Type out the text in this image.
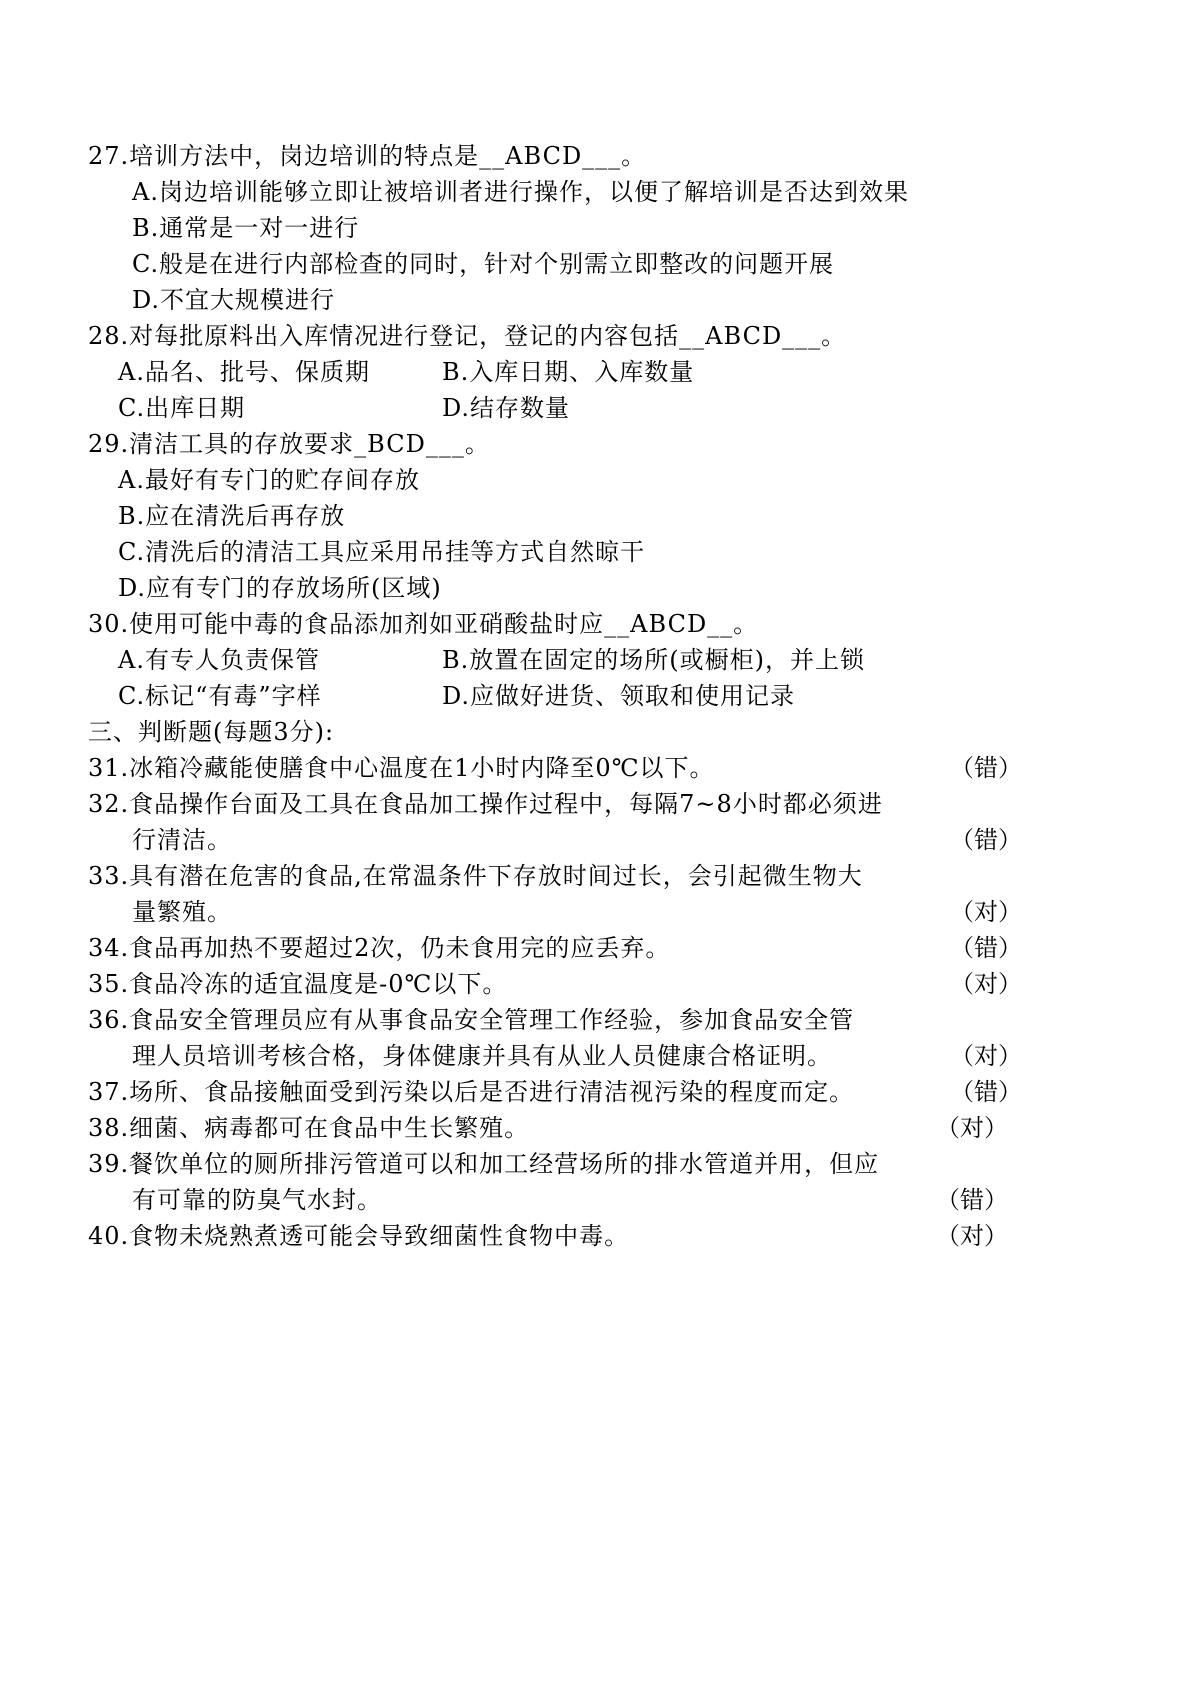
27.培训方法中，岗边培训的特点是__ABCD___。
A.岗边培训能够立即让被培训者进行操作，以便了解培训是否达到效果
B.通常是一对一进行
C.般是在进行内部检查的同时，针对个别需立即整改的问题开展
D.不宜大规模进行
28.对每批原料出入库情况进行登记，登记的内容包括__ABCD___。
A.品名、批号、保质期	B.入库日期、入库数量
C.出库日期	D.结存数量
29.清洁工具的存放要求_BCD___。
A.最好有专门的贮存间存放
B.应在清洗后再存放
C.清洗后的清洁工具应采用吊挂等方式自然晾干
D.应有专门的存放场所(区域)
30.使用可能中毒的食品添加剂如亚硝酸盐时应__ABCD__。
A.有专人负责保管	B.放置在固定的场所(或橱柜)，并上锁
C.标记“有毒”字样	D.应做好进货、领取和使用记录
三、判断题(每题3分):
31.冰箱冷藏能使膳食中心温度在1小时内降至0℃以下。	（错）
32.食品操作台面及工具在食品加工操作过程中，每隔7~8小时都必须进
行清洁。	（错）
33.具有潜在危害的食品,在常温条件下存放时间过长，会引起微生物大
量繁殖。	（对）
34.食品再加热不要超过2次，仍未食用完的应丢弃。	（错）
35.食品冷冻的适宜温度是-0℃以下。	（对）
36.食品安全管理员应有从事食品安全管理工作经验，参加食品安全管
理人员培训考核合格，身体健康并具有从业人员健康合格证明。	（对）
37.场所、食品接触面受到污染以后是否进行清洁视污染的程度而定。	（错）
38.细菌、病毒都可在食品中生长繁殖。	（对）
39.餐饮单位的厕所排污管道可以和加工经营场所的排水管道并用，但应
有可靠的防臭气水封。	（错）
40.食物未烧熟煮透可能会导致细菌性食物中毒。	（对）
